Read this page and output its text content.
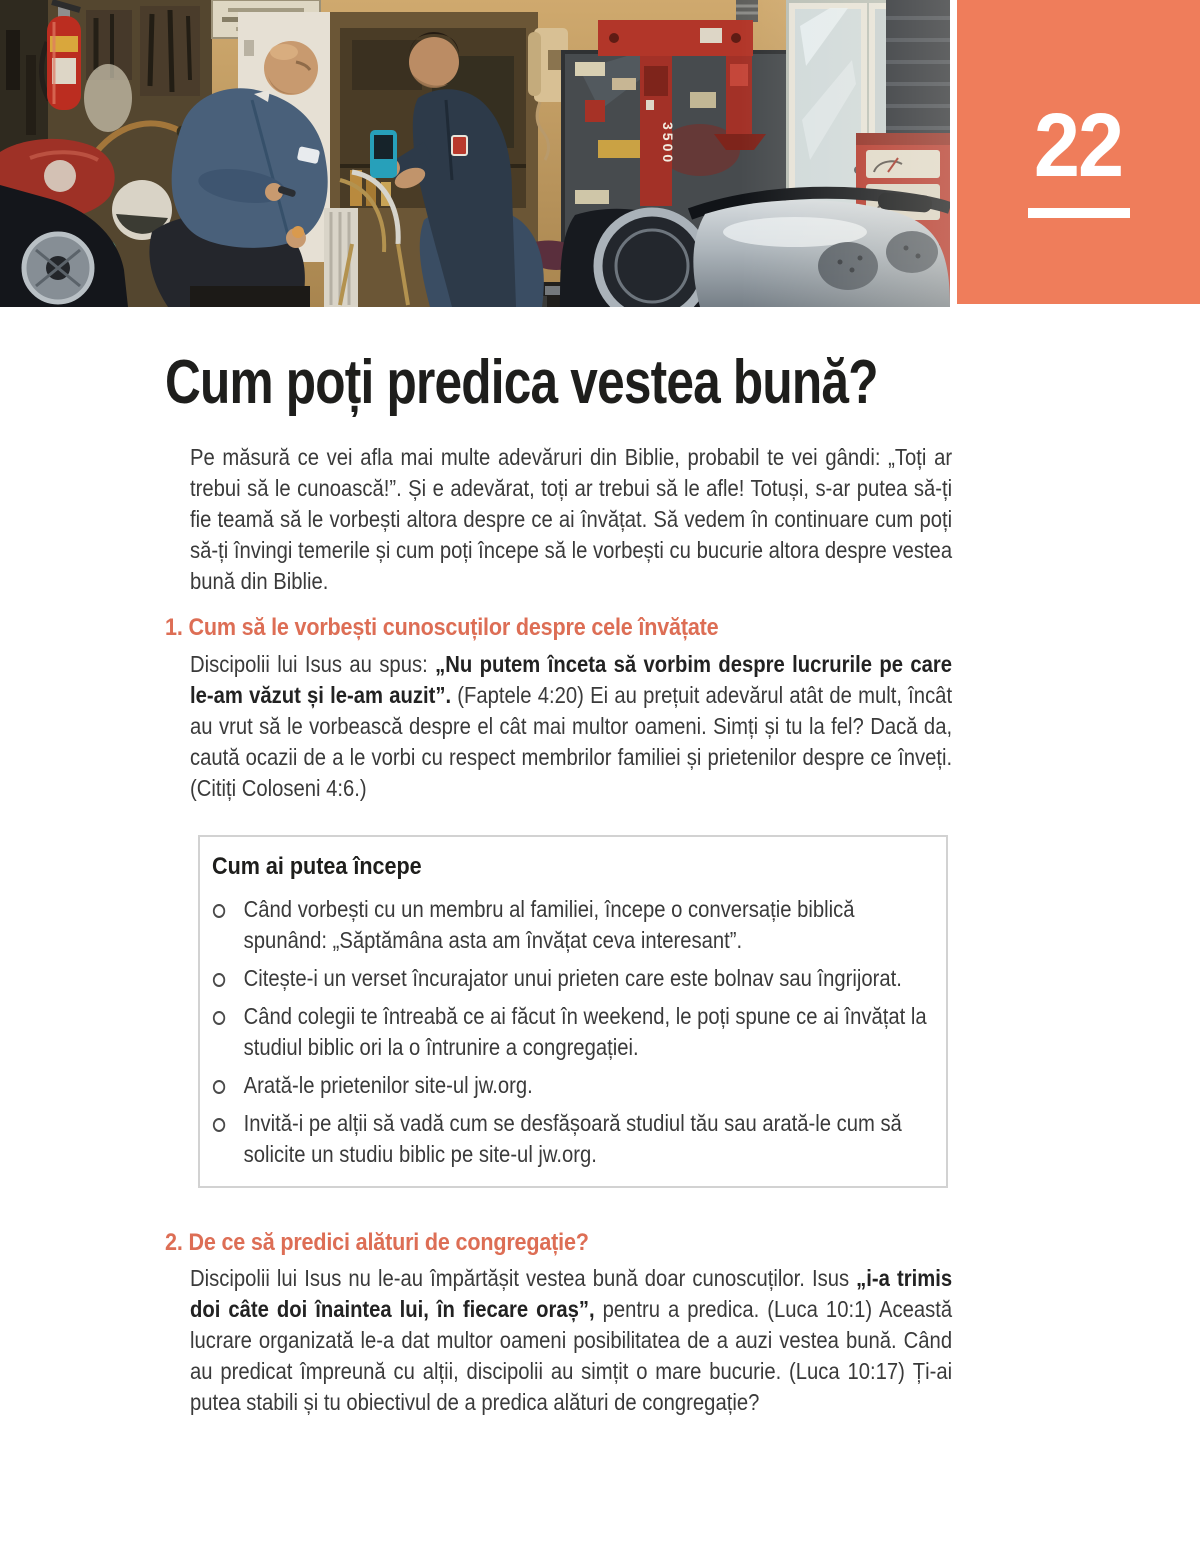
3500	22
Cum poți predica vestea bună?

Pe măsură ce vei afla mai multe adevăruri din Biblie, probabil te vei gândi: „Toți ar trebui să le cunoască!”. Și e adevărat, toți ar trebui să le afle! Totuși, s-ar putea să-ți fie teamă să le vorbești altora despre ce ai învățat. Să vedem în continuare cum poți să-ți învingi temerile și cum poți începe să le vorbești cu bucurie altora despre vestea bună din Biblie.

1. Cum să le vorbești cunoscuților despre cele învățate

Discipolii lui Isus au spus: „Nu putem înceta să vorbim despre lucrurile pe care le-am văzut și le-am auzit”. (Faptele 4:20) Ei au prețuit adevărul atât de mult, încât au vrut să le vorbească despre el cât mai multor oameni. Simți și tu la fel? Dacă da, caută ocazii de a le vorbi cu respect membrilor familiei și prietenilor despre ce înveți. (Citiți Coloseni 4:6.)

Cum ai putea începe
Când vorbești cu un membru al familiei, începe o conversație biblică spunând: „Săptămâna asta am învățat ceva interesant”.
Citește-i un verset încurajator unui prieten care este bolnav sau îngrijorat.
Când colegii te întreabă ce ai făcut în weekend, le poți spune ce ai învățat la studiul biblic ori la o întrunire a congregației.
Arată-le prietenilor site-ul jw.org.
Invită-i pe alții să vadă cum se desfășoară studiul tău sau arată-le cum să solicite un studiu biblic pe site-ul jw.org.
2. De ce să predici alături de congregație?

Discipolii lui Isus nu le-au împărtășit vestea bună doar cunoscuților. Isus „i-a trimis doi câte doi înaintea lui, în fiecare oraș”, pentru a predica. (Luca 10:1) Această lucrare organizată le-a dat multor oameni posibilitatea de a auzi vestea bună. Când au predicat împreună cu alții, discipolii au simțit o mare bucurie. (Luca 10:17) Ți-ai putea stabili și tu obiectivul de a predica alături de congregație?
